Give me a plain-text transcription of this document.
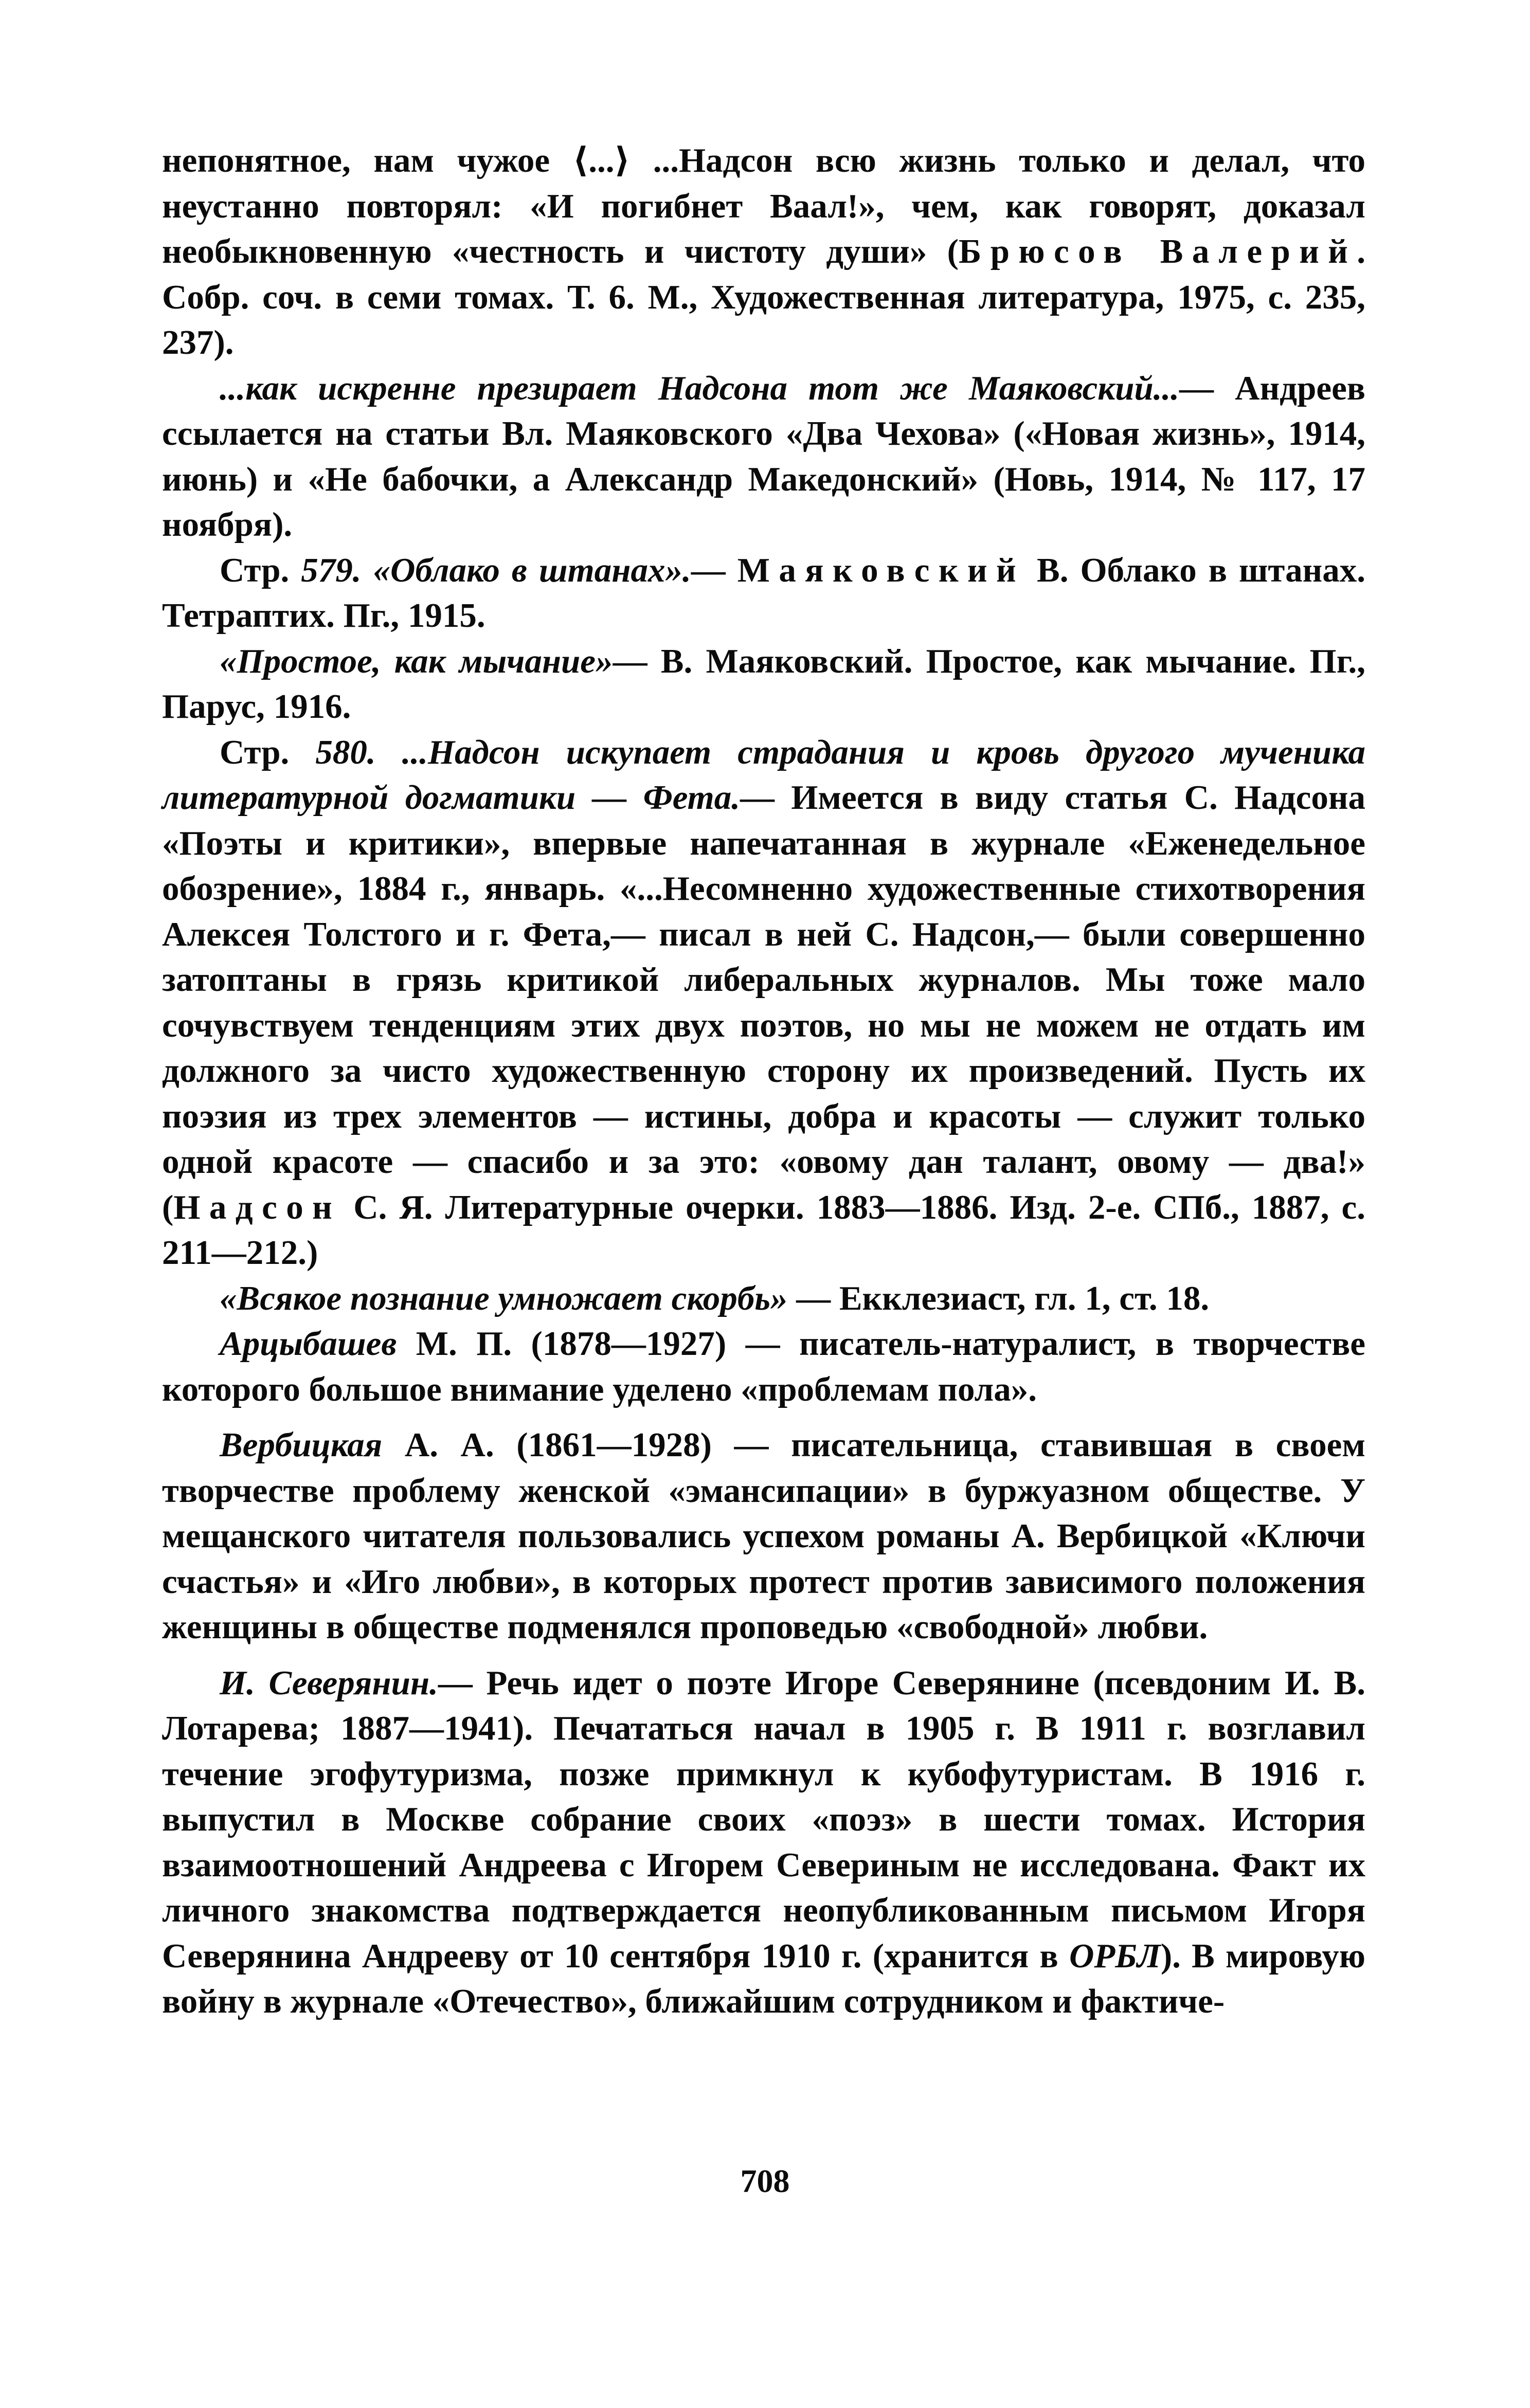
непонятное, нам чужое ⟨...⟩ ...Надсон всю жизнь только и делал, что неустанно повторял: «И погибнет Ваал!», чем, как говорят, доказал необыкновенную «честность и чистоту души» (Брюсов Валерий. Собр. соч. в семи томах. Т. 6. М., Художественная литература, 1975, с. 235, 237).

...как искренне презирает Надсона тот же Маяковский...— Андреев ссылается на статьи Вл. Маяковского «Два Чехова» («Новая жизнь», 1914, июнь) и «Не бабочки, а Александр Македонский» (Новь, 1914, № 117, 17 ноября).

Стр. 579. «Облако в штанах».— Маяковский В. Облако в штанах. Тетраптих. Пг., 1915.

«Простое, как мычание»— В. Маяковский. Простое, как мычание. Пг., Парус, 1916.

Стр. 580. ...Надсон искупает страдания и кровь другого мученика литературной догматики — Фета.— Имеется в виду статья С. Надсона «Поэты и критики», впервые напечатанная в журнале «Еженедельное обозрение», 1884 г., январь. «...Несомненно художественные стихотворения Алексея Толстого и г. Фета,— писал в ней С. Надсон,— были совершенно затоптаны в грязь критикой либеральных журналов. Мы тоже мало сочувствуем тенденциям этих двух поэтов, но мы не можем не отдать им должного за чисто художественную сторону их произведений. Пусть их поэзия из трех элементов — истины, добра и красоты — служит только одной красоте — спасибо и за это: «овому дан талант, овому — два!» (Надсон С. Я. Литературные очерки. 1883—1886. Изд. 2-е. СПб., 1887, с. 211—212.)

«Всякое познание умножает скорбь» — Екклезиаст, гл. 1, ст. 18.

Арцыбашев М. П. (1878—1927) — писатель-натуралист, в творчестве которого большое внимание уделено «проблемам пола».

Вербицкая А. А. (1861—1928) — писательница, ставившая в своем творчестве проблему женской «эмансипации» в буржуазном обществе. У мещанского читателя пользовались успехом романы А. Вербицкой «Ключи счастья» и «Иго любви», в которых протест против зависимого положения женщины в обществе подменялся проповедью «свободной» любви.

И. Северянин.— Речь идет о поэте Игоре Северянине (псевдоним И. В. Лотарева; 1887—1941). Печататься начал в 1905 г. В 1911 г. возглавил течение эгофутуризма, позже примкнул к кубофутуристам. В 1916 г. выпустил в Москве собрание своих «поэз» в шести томах. История взаимоотношений Андреева с Игорем Севериным не исследована. Факт их личного знакомства подтверждается неопубликованным письмом Игоря Северянина Андрееву от 10 сентября 1910 г. (хранится в ОРБЛ). В мировую войну в журнале «Отечество», ближайшим сотрудником и фактиче-

708
